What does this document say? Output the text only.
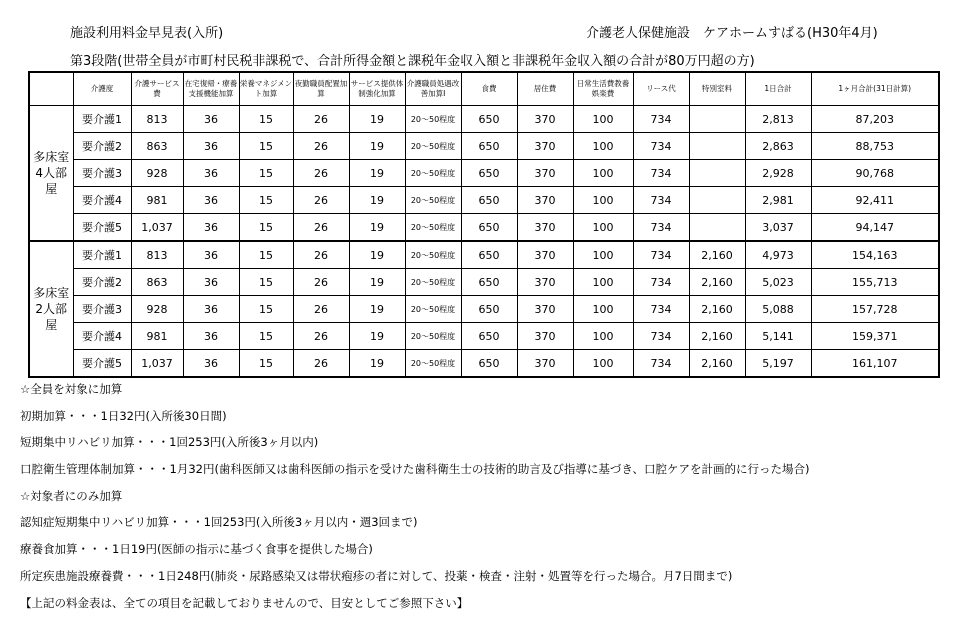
施設利用料金早見表(入所)	介護老人保健施設　ケアホームすばる(H30年4月)
第3段階(世帯全員が市町村民税非課税で、合計所得金額と課税年金収入額と非課税年金収入額の合計が80万円超の方)
	介護度	介護サービス費	在宅復帰・療養支援機能加算	栄養マネジメント加算	夜勤職員配置加算	サービス提供体制強化加算	介護職員処遇改善加算Ⅰ	食費	居住費	日常生活費教養娯楽費	リース代	特別室料	1日合計	1ヶ月合計(31日計算)
多床室
4人部屋	要介護1	813	36	15	26	19	20～50程度	650	370	100	734		2,813	87,203
	要介護2	863	36	15	26	19	20～50程度	650	370	100	734		2,863	88,753
	要介護3	928	36	15	26	19	20～50程度	650	370	100	734		2,928	90,768
	要介護4	981	36	15	26	19	20～50程度	650	370	100	734		2,981	92,411
	要介護5	1,037	36	15	26	19	20～50程度	650	370	100	734		3,037	94,147
多床室
2人部屋	要介護1	813	36	15	26	19	20～50程度	650	370	100	734	2,160	4,973	154,163
	要介護2	863	36	15	26	19	20～50程度	650	370	100	734	2,160	5,023	155,713
	要介護3	928	36	15	26	19	20～50程度	650	370	100	734	2,160	5,088	157,728
	要介護4	981	36	15	26	19	20～50程度	650	370	100	734	2,160	5,141	159,371
	要介護5	1,037	36	15	26	19	20～50程度	650	370	100	734	2,160	5,197	161,107
☆全員を対象に加算
初期加算・・・1日32円(入所後30日間)
短期集中リハビリ加算・・・1回253円(入所後3ヶ月以内)
口腔衛生管理体制加算・・・1月32円(歯科医師又は歯科医師の指示を受けた歯科衛生士の技術的助言及び指導に基づき、口腔ケアを計画的に行った場合)
☆対象者にのみ加算
認知症短期集中リハビリ加算・・・1回253円(入所後3ヶ月以内・週3回まで)
療養食加算・・・1日19円(医師の指示に基づく食事を提供した場合)
所定疾患施設療養費・・・1日248円(肺炎・尿路感染又は帯状疱疹の者に対して、投薬・検査・注射・処置等を行った場合。月7日間まで)
【上記の料金表は、全ての項目を記載しておりませんので、目安としてご参照下さい】
